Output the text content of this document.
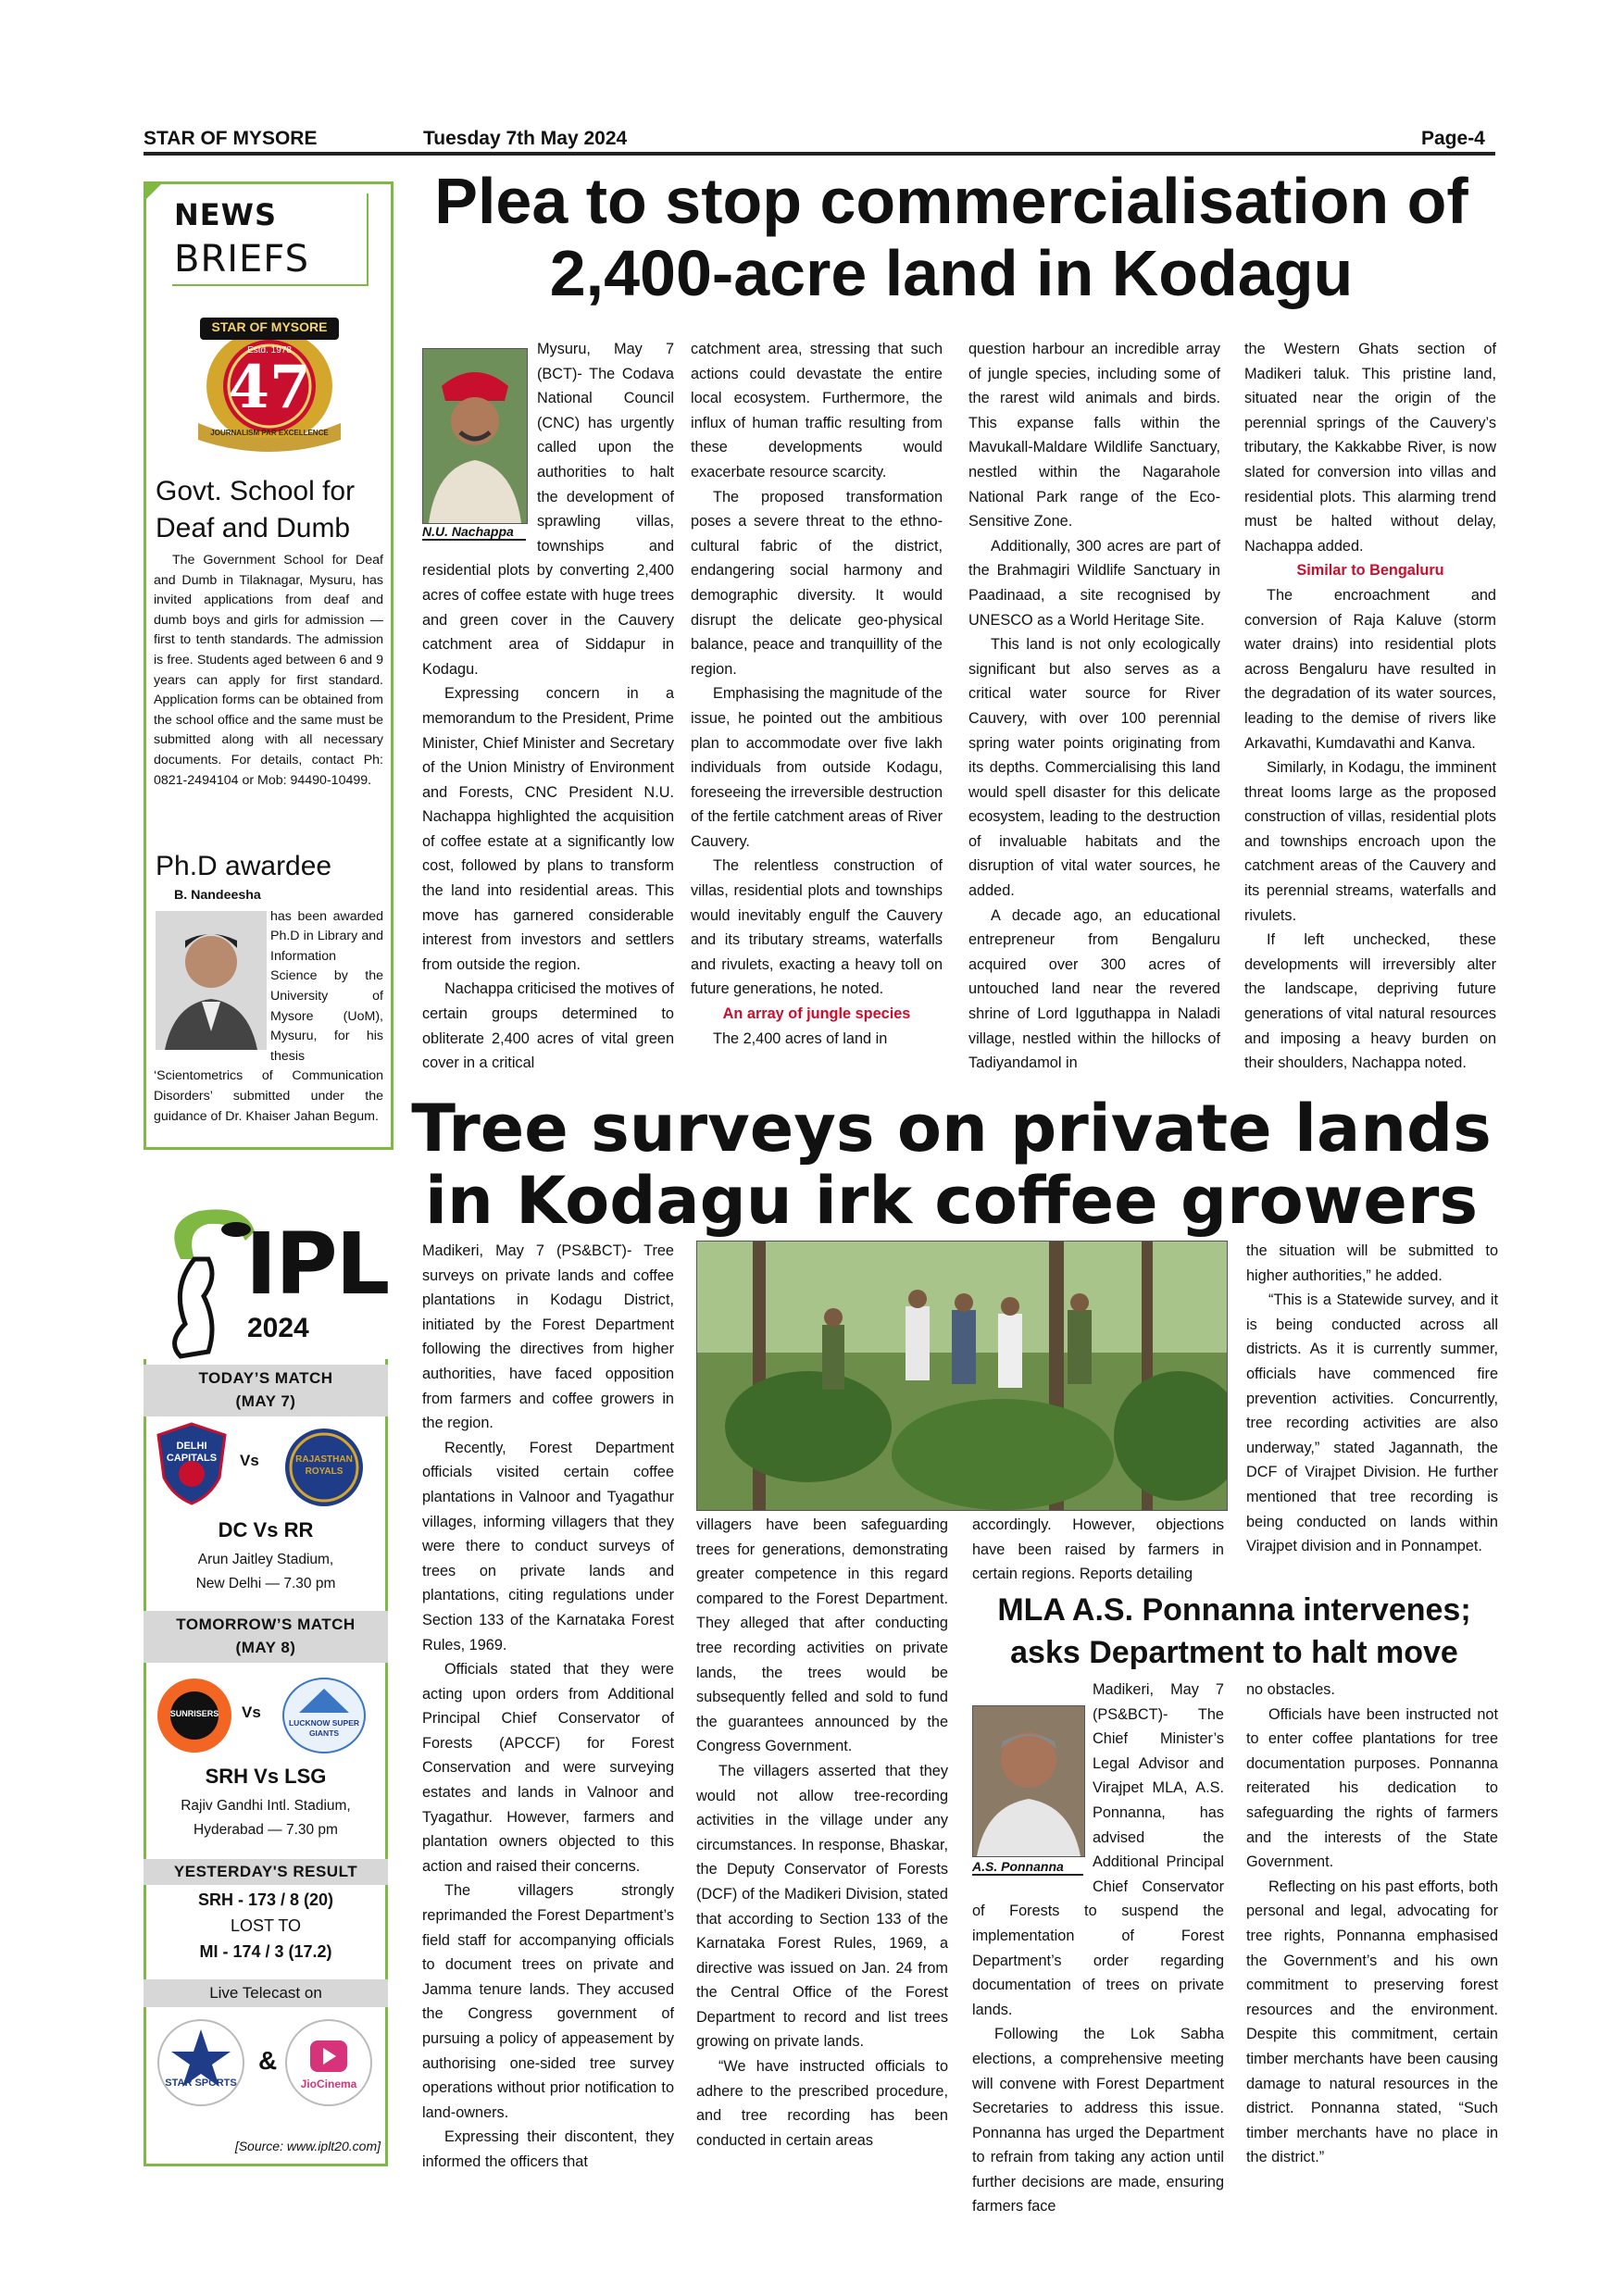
STAR OF MYSORE	Tuesday 7th May 2024	Page-4
NEWS
BRIEFS
STAR OF MYSORE
Estd. 1978
47
JOURNALISM PAR EXCELLENCE
Govt. School for Deaf and Dumb
The Government School for Deaf and Dumb in Tilaknagar, Mysuru, has invited applications from deaf and dumb boys and girls for admission — first to tenth standards. The admission is free. Students aged between 6 and 9 years can apply for first standard. Application forms can be obtained from the school office and the same must be submitted along with all necessary documents. For details, contact Ph: 0821-2494104 or Mob: 94490-10499.
Ph.D awardee
B. Nandeesha
has been awarded Ph.D in Library and Information Science by the University of Mysore (UoM), Mysuru, for his thesis ‘Scientometrics of Communication Disorders’ submitted under the guidance of Dr. Khaiser Jahan Begum.
IPL
2024
TODAY’S MATCH
(MAY 7)
DELHI CAPITALS	Vs	RAJASTHAN ROYALS
DC Vs RR
Arun Jaitley Stadium,
New Delhi — 7.30 pm
TOMORROW’S MATCH
(MAY 8)
SUNRISERS	Vs
LUCKNOW SUPER GIANTS
SRH Vs LSG
Rajiv Gandhi Intl. Stadium,
Hyderabad — 7.30 pm
YESTERDAY'S RESULT
SRH - 173 / 8 (20)
LOST TO
MI - 174 / 3 (17.2)
Live Telecast on
STAR SPORTS
&
JioCinema
[Source: www.iplt20.com]
Plea to stop commercialisation of 2,400-acre land in Kodagu
N.U. Nachappa

Mysuru, May 7 (BCT)- The Codava National Council (CNC) has urgently called upon the authorities to halt the development of sprawling villas, townships and residential plots by converting 2,400 acres of coffee estate with huge trees and green cover in the Cauvery catchment area of Siddapur in Kodagu.

Expressing concern in a memorandum to the President, Prime Minister, Chief Minister and Secretary of the Union Ministry of Environment and Forests, CNC President N.U. Nachappa highlighted the acquisition of coffee estate at a significantly low cost, followed by plans to transform the land into residential areas. This move has garnered considerable interest from investors and settlers from outside the region.

Nachappa criticised the motives of certain groups determined to obliterate 2,400 acres of vital green cover in a critical

catchment area, stressing that such actions could devastate the entire local ecosystem. Furthermore, the influx of human traffic resulting from these developments would exacerbate resource scarcity.

The proposed transformation poses a severe threat to the ethno-cultural fabric of the district, endangering social harmony and demographic diversity. It would disrupt the delicate geo-physical balance, peace and tranquillity of the region.

Emphasising the magnitude of the issue, he pointed out the ambitious plan to accommodate over five lakh individuals from outside Kodagu, foreseeing the irreversible destruction of the fertile catchment areas of River Cauvery.

The relentless construction of villas, residential plots and townships would inevitably engulf the Cauvery and its tributary streams, waterfalls and rivulets, exacting a heavy toll on future generations, he noted.

An array of jungle species

The 2,400 acres of land in

question harbour an incredible array of jungle species, including some of the rarest wild animals and birds. This expanse falls within the Mavukall-Maldare Wildlife Sanctuary, nestled within the Nagarahole National Park range of the Eco-Sensitive Zone.

Additionally, 300 acres are part of the Brahmagiri Wildlife Sanctuary in Paadinaad, a site recognised by UNESCO as a World Heritage Site.

This land is not only ecologically significant but also serves as a critical water source for River Cauvery, with over 100 perennial spring water points originating from its depths. Commercialising this land would spell disaster for this delicate ecosystem, leading to the destruction of invaluable habitats and the disruption of vital water sources, he added.

A decade ago, an educational entrepreneur from Bengaluru acquired over 300 acres of untouched land near the revered shrine of Lord Igguthappa in Naladi village, nestled within the hillocks of Tadiyandamol in

the Western Ghats section of Madikeri taluk. This pristine land, situated near the origin of the perennial springs of the Cauvery’s tributary, the Kakkabbe River, is now slated for conversion into villas and residential plots. This alarming trend must be halted without delay, Nachappa added.

Similar to Bengaluru

The encroachment and conversion of Raja Kaluve (storm water drains) into residential plots across Bengaluru have resulted in the degradation of its water sources, leading to the demise of rivers like Arkavathi, Kumdavathi and Kanva.

Similarly, in Kodagu, the imminent threat looms large as the proposed construction of villas, residential plots and townships encroach upon the catchment areas of the Cauvery and its perennial streams, waterfalls and rivulets.

If left unchecked, these developments will irreversibly alter the landscape, depriving future generations of vital natural resources and imposing a heavy burden on their shoulders, Nachappa noted.

Tree surveys on private lands in Kodagu irk coffee growers

Madikeri, May 7 (PS&BCT)- Tree surveys on private lands and coffee plantations in Kodagu District, initiated by the Forest Department following the directives from higher authorities, have faced opposition from farmers and coffee growers in the region.

Recently, Forest Department officials visited certain coffee plantations in Valnoor and Tyagathur villages, informing villagers that they were there to conduct surveys of trees on private lands and plantations, citing regulations under Section 133 of the Karnataka Forest Rules, 1969.

Officials stated that they were acting upon orders from Additional Principal Chief Conservator of Forests (APCCF) for Forest Conservation and were surveying estates and lands in Valnoor and Tyagathur. However, farmers and plantation owners objected to this action and raised their concerns.

The villagers strongly reprimanded the Forest Department’s field staff for accompanying officials to document trees on private and Jamma tenure lands. They accused the Congress government of pursuing a policy of appeasement by authorising one-sided tree survey operations without prior notification to land-owners.

Expressing their discontent, they informed the officers that

villagers have been safeguarding trees for generations, demonstrating greater competence in this regard compared to the Forest Department. They alleged that after conducting tree recording activities on private lands, the trees would be subsequently felled and sold to fund the guarantees announced by the Congress Government.

The villagers asserted that they would not allow tree-recording activities in the village under any circumstances. In response, Bhaskar, the Deputy Conservator of Forests (DCF) of the Madikeri Division, stated that according to Section 133 of the Karnataka Forest Rules, 1969, a directive was issued on Jan. 24 from the Central Office of the Forest Department to record and list trees growing on private lands.

“We have instructed officials to adhere to the prescribed procedure, and tree recording has been conducted in certain areas

accordingly. However, objections have been raised by farmers in certain regions. Reports detailing

the situation will be submitted to higher authorities,” he added.

“This is a Statewide survey, and it is being conducted across all districts. As it is currently summer, officials have commenced fire prevention activities. Concurrently, tree recording activities are also underway,” stated Jagannath, the DCF of Virajpet Division. He further mentioned that tree recording is being conducted on lands within Virajpet division and in Ponnampet.

MLA A.S. Ponnanna intervenes; asks Department to halt move
A.S. Ponnanna

Madikeri, May 7 (PS&BCT)- The Chief Minister’s Legal Advisor and Virajpet MLA, A.S. Ponnanna, has advised the Additional Principal Chief Conservator of Forests to suspend the implementation of Forest Department’s order regarding documentation of trees on private lands.

Following the Lok Sabha elections, a comprehensive meeting will convene with Forest Department Secretaries to address this issue. Ponnanna has urged the Department to refrain from taking any action until further decisions are made, ensuring farmers face

no obstacles.

Officials have been instructed not to enter coffee plantations for tree documentation purposes. Ponnanna reiterated his dedication to safeguarding the rights of farmers and the interests of the State Government.

Reflecting on his past efforts, both personal and legal, advocating for tree rights, Ponnanna emphasised the Government’s and his own commitment to preserving forest resources and the environment. Despite this commitment, certain timber merchants have been causing damage to natural resources in the district. Ponnanna stated, “Such timber merchants have no place in the district.”
